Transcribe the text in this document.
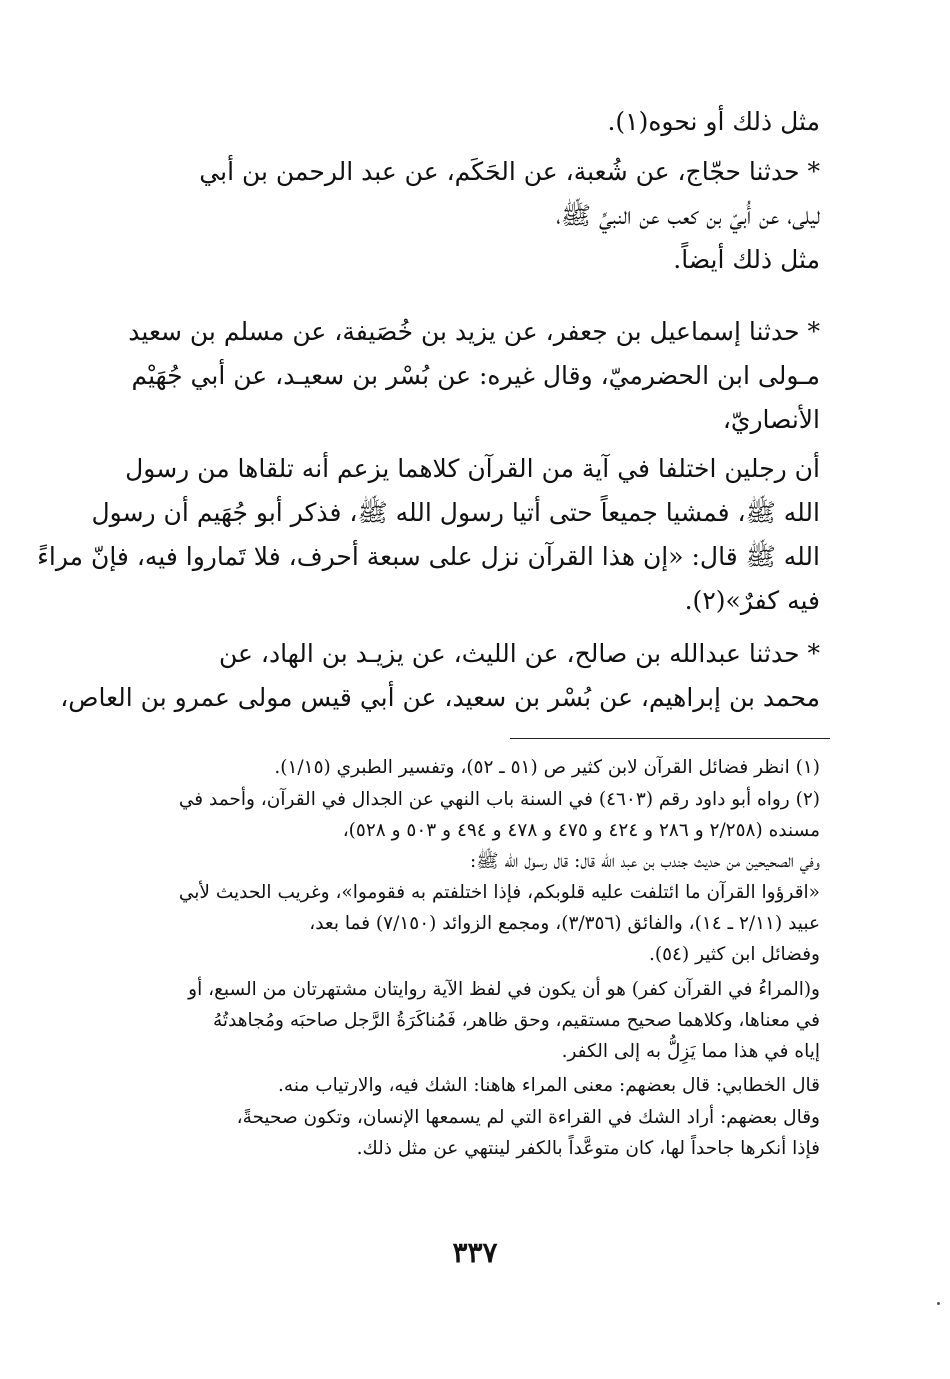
مثل ذلك أو نحوه(١).
* حدثنا حجّاج، عن شُعبة، عن الحَكَم، عن عبد الرحمن بن أبي
ليلى، عن أُبيّ بن كعب عن النبيِّ ﷺ،
مثل ذلك أيضاً.
* حدثنا إسماعيل بن جعفر، عن يزيد بن خُصَيفة، عن مسلم بن سعيد
مـولى ابن الحضرميّ، وقال غيره: عن بُسْر بن سعيـد، عن أبي جُهَيْم
الأنصاريّ،
أن رجلين اختلفا في آية من القرآن كلاهما يزعم أنه تلقاها من رسول
الله ﷺ، فمشيا جميعاً حتى أتيا رسول الله ﷺ، فذكر أبو جُهَيم أن رسول
الله ﷺ قال: «إن هذا القرآن نزل على سبعة أحرف، فلا تَماروا فيه، فإنّ مراءً
فيه كفرٌ»(٢).
* حدثنا عبدالله بن صالح، عن الليث، عن يزيـد بن الهاد، عن
محمد بن إبراهيم، عن بُسْر بن سعيد، عن أبي قيس مولى عمرو بن العاص،
(١) انظر فضائل القرآن لابن كثير ص (٥١ ـ ٥٢)، وتفسير الطبري (١/١٥).
(٢) رواه أبو داود رقم (٤٦٠٣) في السنة باب النهي عن الجدال في القرآن، وأحمد في
مسنده (٢/٢٥٨ و ٢٨٦ و ٤٢٤ و ٤٧٥ و ٤٧٨ و ٤٩٤ و ٥٠٣ و ٥٢٨)،
وفي الصحيحين من حديث جندب بن عبد الله قال: قال رسول الله ﷺ:
«اقرؤوا القرآن ما ائتلفت عليه قلوبكم، فإذا اختلفتم به فقوموا»، وغريب الحديث لأبي
عبيد (٢/١١ ـ ١٤)، والفائق (٣/٣٥٦)، ومجمع الزوائد (٧/١٥٠) فما بعد،
وفضائل ابن كثير (٥٤).
و(المراءُ في القرآن كفر) هو أن يكون في لفظ الآية روايتان مشتهرتان من السبع، أو
في معناها، وكلاهما صحيح مستقيم، وحق ظاهر، فَمُناكَرَةُ الرَّجل صاحبَه ومُجاهدتُهُ
إياه في هذا مما يَزِلُّ به إلى الكفر.
قال الخطابي: قال بعضهم: معنى المراء هاهنا: الشك فيه، والارتياب منه.
وقال بعضهم: أراد الشك في القراءة التي لم يسمعها الإنسان، وتكون صحيحةً،
فإذا أنكرها جاحداً لها، كان متوعَّداً بالكفر لينتهي عن مثل ذلك.
٣٣٧
